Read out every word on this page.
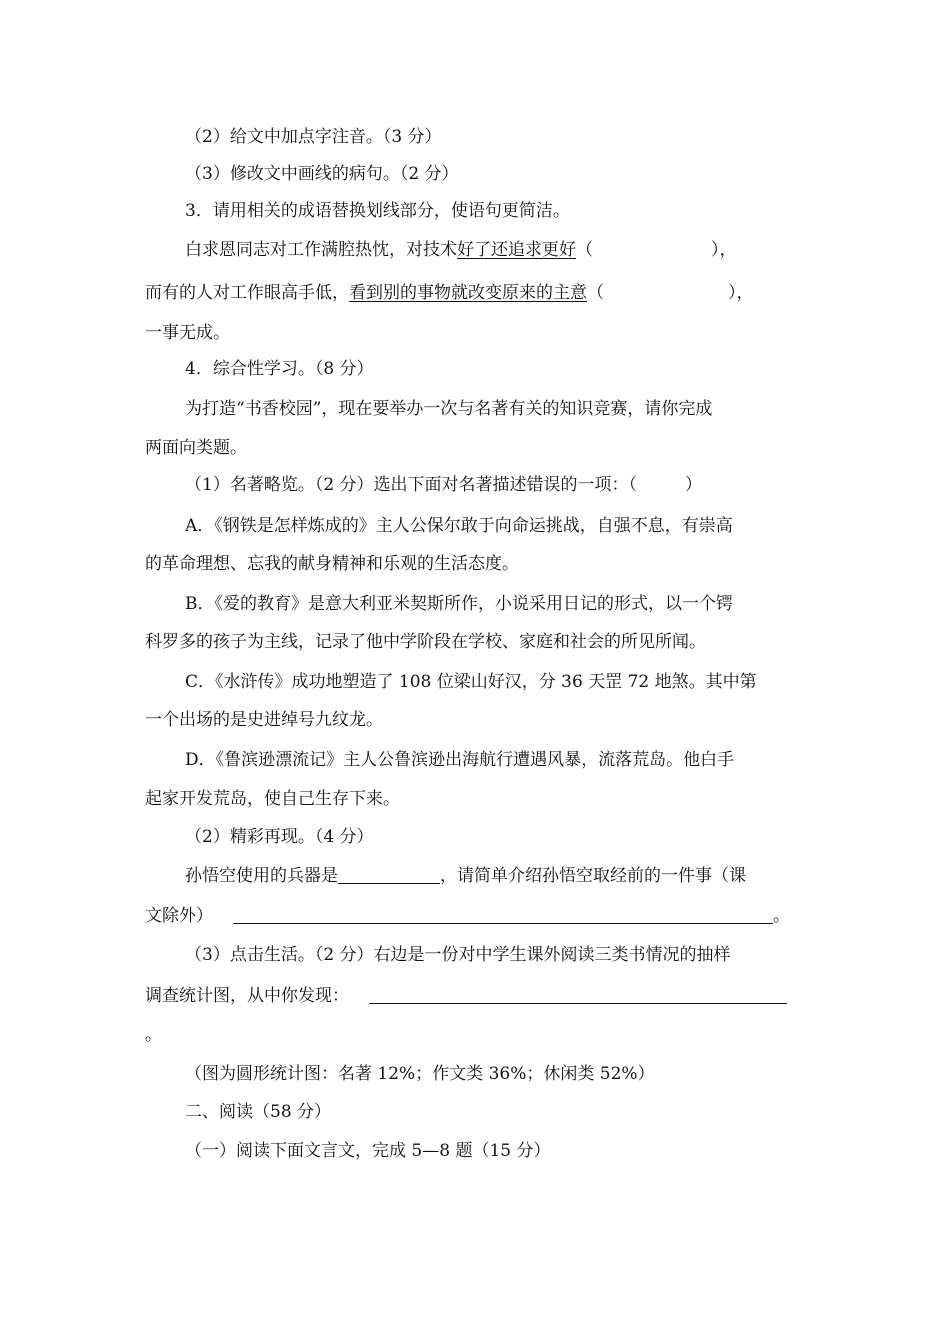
（2）给文中加点字注音。（3 分）
（3）修改文中画线的病句。（2 分）
3．请用相关的成语替换划线部分，使语句更简洁。
白求恩同志对工作满腔热忱，对技术好了还追求更好（	），
而有的人对工作眼高手低，看到别的事物就改变原来的主意（	），
一事无成。
4．综合性学习。（8 分）
为打造“书香校园”，现在要举办一次与名著有关的知识竞赛，请你完成
两面向类题。
（1）名著略览。（2 分）选出下面对名著描述错误的一项：（	）
A．《钢铁是怎样炼成的》主人公保尔敢于向命运挑战，自强不息，有崇高
的革命理想、忘我的献身精神和乐观的生活态度。
B．《爱的教育》是意大利亚米契斯所作，小说采用日记的形式，以一个锷
科罗多的孩子为主线，记录了他中学阶段在学校、家庭和社会的所见所闻。
C．《水浒传》成功地塑造了 108 位梁山好汉，分 36 天罡 72 地煞。其中第
一个出场的是史进绰号九纹龙。
D．《鲁滨逊漂流记》主人公鲁滨逊出海航行遭遇风暴，流落荒岛。他白手
起家开发荒岛，使自己生存下来。
（2）精彩再现。（4 分）
孙悟空使用的兵器是	，请简单介绍孙悟空取经前的一件事（课
文除外）	。
（3）点击生活。（2 分）右边是一份对中学生课外阅读三类书情况的抽样
调查统计图，从中你发现：
。
（图为圆形统计图：名著 12%；作文类 36%；休闲类 52%）
二、阅读（58 分）
（一）阅读下面文言文，完成 5—8 题（15 分）
